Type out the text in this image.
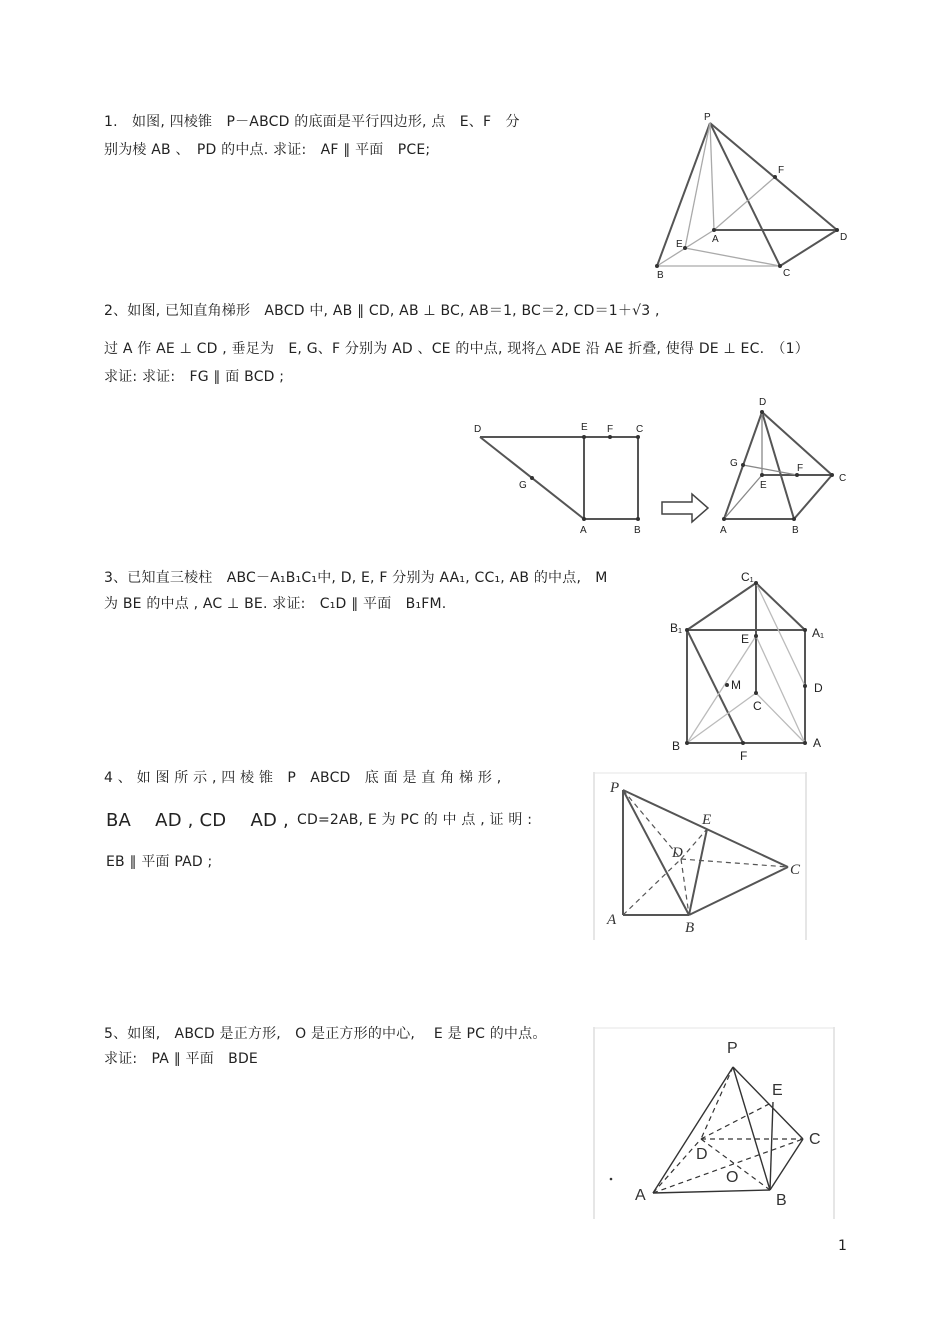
1.　如图, 四棱锥　P－ABCD 的底面是平行四边形, 点　E、F　分
别为棱 AB 、　PD 的中点. 求证:　AF ∥ 平面　PCE;
P
F
A	D
E
B	C
2、如图, 已知直角梯形　ABCD 中, AB ∥ CD, AB ⊥ BC, AB＝1, BC＝2, CD＝1＋√3 ,
过 A 作 AE ⊥ CD , 垂足为　E, G、F 分别为 AD 、CE 的中点, 现将△ ADE 沿 AE 折叠, 使得 DE ⊥ EC.　（1）
求证: 求证:　FG ∥ 面 BCD ;
D	E F C
G
A	B
D
G	F
C
E
A	B
3、已知直三棱柱　ABC－A₁B₁C₁中, D, E, F 分别为 AA₁, CC₁, AB 的中点,　M
为 BE 的中点 , AC ⊥ BE. 求证:　C₁D ∥ 平面　B₁FM.
C₁
B₁	A₁
E
M	D
C
B	A
F
4 、 如 图 所 示 , 四 棱 锥　P　ABCD　底 面 是 直 角 梯 形 ,
BA　 AD , CD　 AD , CD=2AB, E 为 PC 的 中 点 , 证 明 :
EB ∥ 平面 PAD ;
P
E
D
C
A	B
5、如图,　ABCD 是正方形,　O 是正方形的中心,　 E 是 PC 的中点。
求证:　PA ∥ 平面　BDE
P
E
C
D
O
A	B
1
